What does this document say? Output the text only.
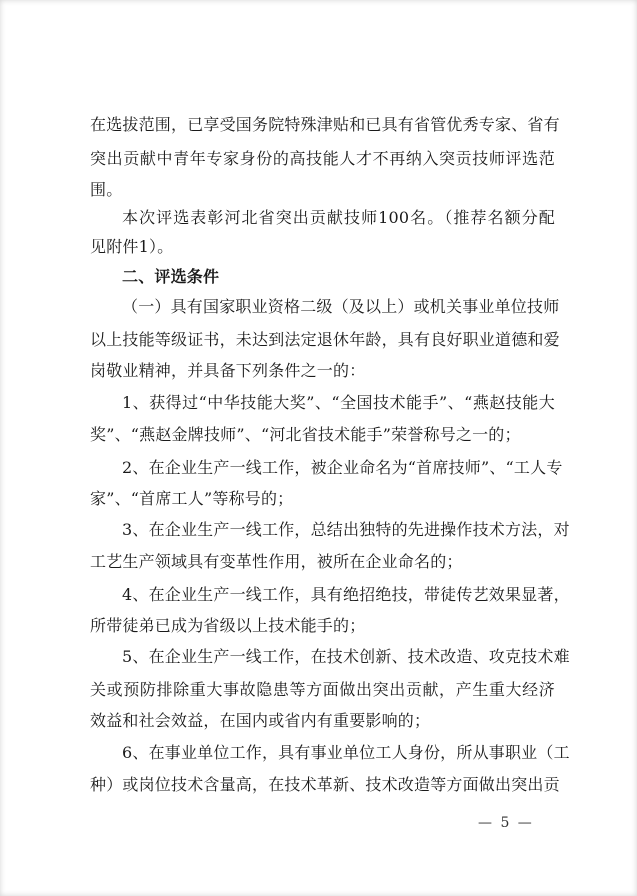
在选拔范围，已享受国务院特殊津贴和已具有省管优秀专家、省有
突出贡献中青年专家身份的高技能人才不再纳入突贡技师评选范
围。
本次评选表彰河北省突出贡献技师100名。（推荐名额分配
见附件1）。
二、评选条件
（一）具有国家职业资格二级（及以上）或机关事业单位技师
以上技能等级证书，未达到法定退休年龄，具有良好职业道德和爱
岗敬业精神，并具备下列条件之一的：
1、获得过“中华技能大奖”、“全国技术能手”、“燕赵技能大
奖”、“燕赵金牌技师”、“河北省技术能手”荣誉称号之一的；
2、在企业生产一线工作，被企业命名为“首席技师”、“工人专
家”、“首席工人”等称号的；
3、在企业生产一线工作，总结出独特的先进操作技术方法，对
工艺生产领域具有变革性作用，被所在企业命名的；
4、在企业生产一线工作，具有绝招绝技，带徒传艺效果显著，
所带徒弟已成为省级以上技术能手的；
5、在企业生产一线工作，在技术创新、技术改造、攻克技术难
关或预防排除重大事故隐患等方面做出突出贡献，产生重大经济
效益和社会效益，在国内或省内有重要影响的；
6、在事业单位工作，具有事业单位工人身份，所从事职业（工
种）或岗位技术含量高，在技术革新、技术改造等方面做出突出贡
— 5 —
